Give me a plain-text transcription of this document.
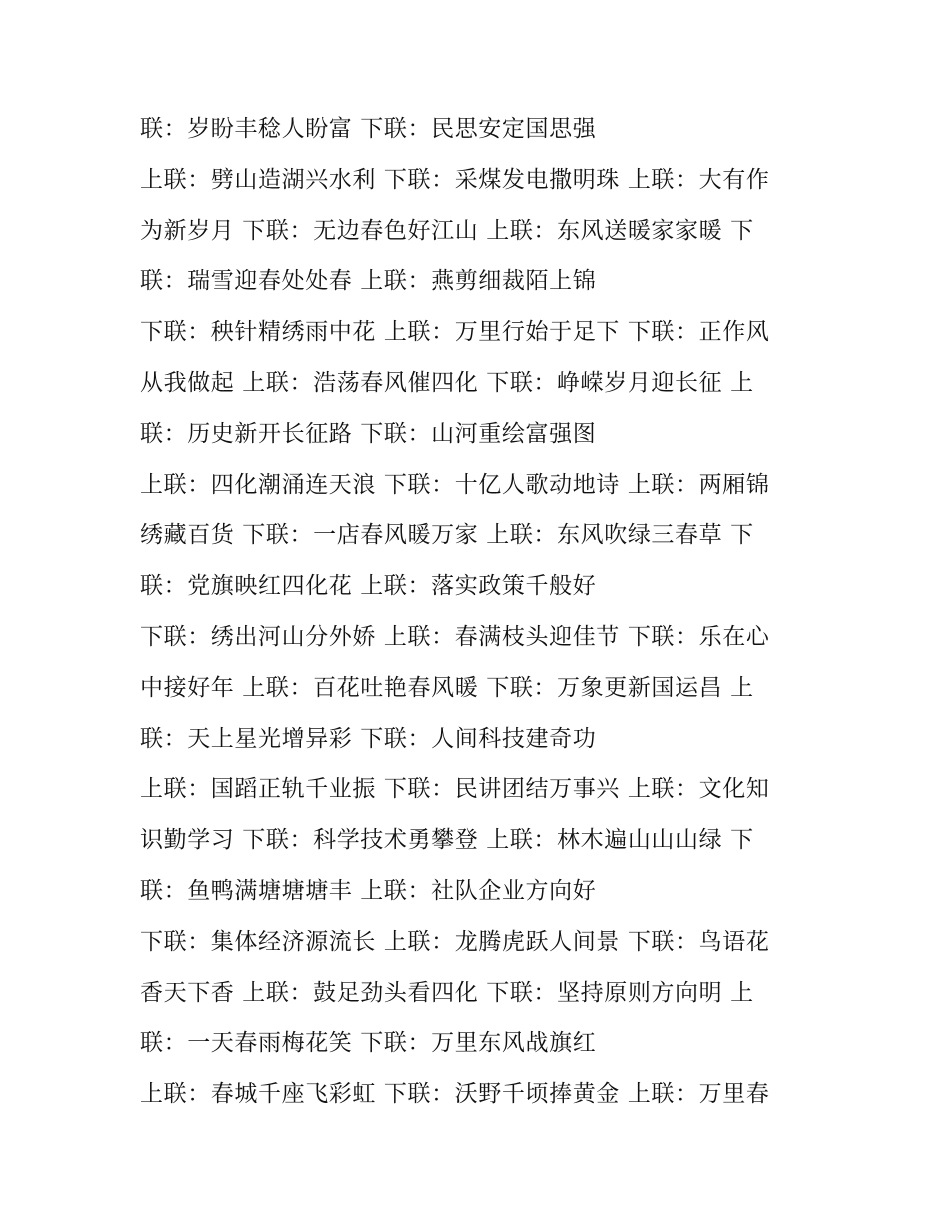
联：岁盼丰稔人盼富 下联：民思安定国思强
上联：劈山造湖兴水利 下联：采煤发电撒明珠 上联：大有作
为新岁月 下联：无边春色好江山 上联：东风送暖家家暖 下
联：瑞雪迎春处处春 上联：燕剪细裁陌上锦
下联：秧针精绣雨中花 上联：万里行始于足下 下联：正作风
从我做起 上联：浩荡春风催四化 下联：峥嵘岁月迎长征 上
联：历史新开长征路 下联：山河重绘富强图
上联：四化潮涌连天浪 下联：十亿人歌动地诗 上联：两厢锦
绣藏百货 下联：一店春风暖万家 上联：东风吹绿三春草 下
联：党旗映红四化花 上联：落实政策千般好
下联：绣出河山分外娇 上联：春满枝头迎佳节 下联：乐在心
中接好年 上联：百花吐艳春风暖 下联：万象更新国运昌 上
联：天上星光增异彩 下联：人间科技建奇功
上联：国蹈正轨千业振 下联：民讲团结万事兴 上联：文化知
识勤学习 下联：科学技术勇攀登 上联：林木遍山山山绿 下
联：鱼鸭满塘塘塘丰 上联：社队企业方向好
下联：集体经济源流长 上联：龙腾虎跃人间景 下联：鸟语花
香天下香 上联：鼓足劲头看四化 下联：坚持原则方向明 上
联：一天春雨梅花笑 下联：万里东风战旗红
上联：春城千座飞彩虹 下联：沃野千顷捧黄金 上联：万里春
